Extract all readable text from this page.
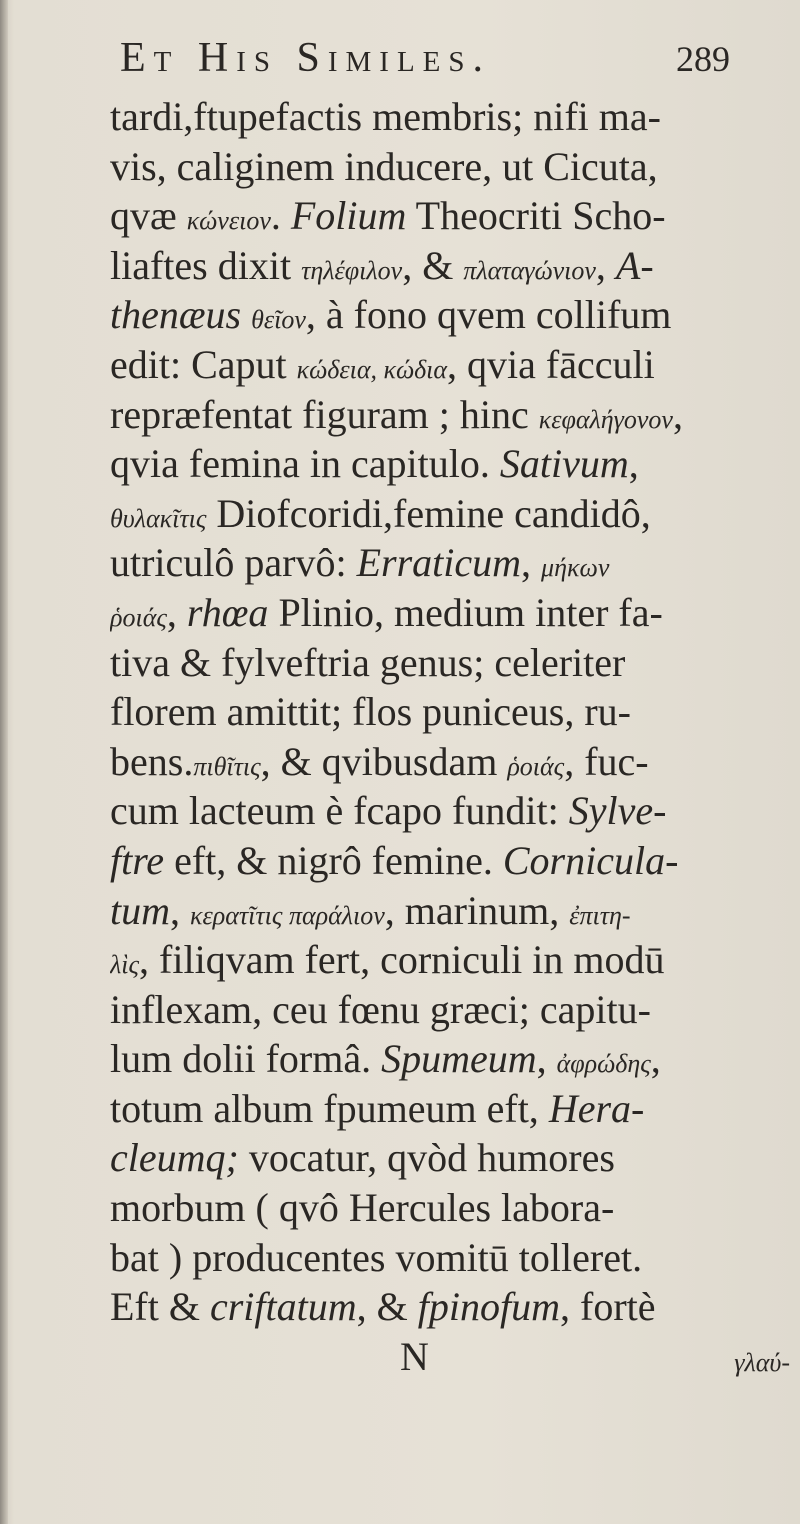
Et His Similes.	289
tardi,ftupefactis membris; nifi ma-
vis, caliginem inducere, ut Cicuta,
qvæ κώνειον. Folium Theocriti Scho-
liaftes dixit τηλέφιλον, & πλαταγώνιον, A-
thenæus θεῖον, à fono qvem collifum
edit: Caput κώδεια, κώδια, qvia fācculi
repræfentat figuram ; hinc κεφαλήγονον,
qvia femina in capitulo. Sativum,
θυλακῖτις Diofcoridi,femine candidô,
utriculô parvô: Erraticum, μήκων
ῥοιάς, rhœa Plinio, medium inter fa-
tiva & fylveftria genus; celeriter
florem amittit; flos puniceus, ru-
bens.πιθῖτις, & qvibusdam ῥοιάς, fuc-
cum lacteum è fcapo fundit: Sylve-
ftre eft, & nigrô femine. Cornicula-
tum, κερατῖτις παράλιον, marinum, ἐπιτη-
λὶς, filiqvam fert, corniculi in modū
inflexam, ceu fœnu græci; capitu-
lum dolii formâ. Spumeum, ἀφρώδης,
totum album fpumeum eft, Hera-
cleumq; vocatur, qvòd humores
morbum ( qvô Hercules labora-
bat ) producentes vomitū tolleret.
Eft & criftatum, & fpinofum, fortè
N	γλαύ-
